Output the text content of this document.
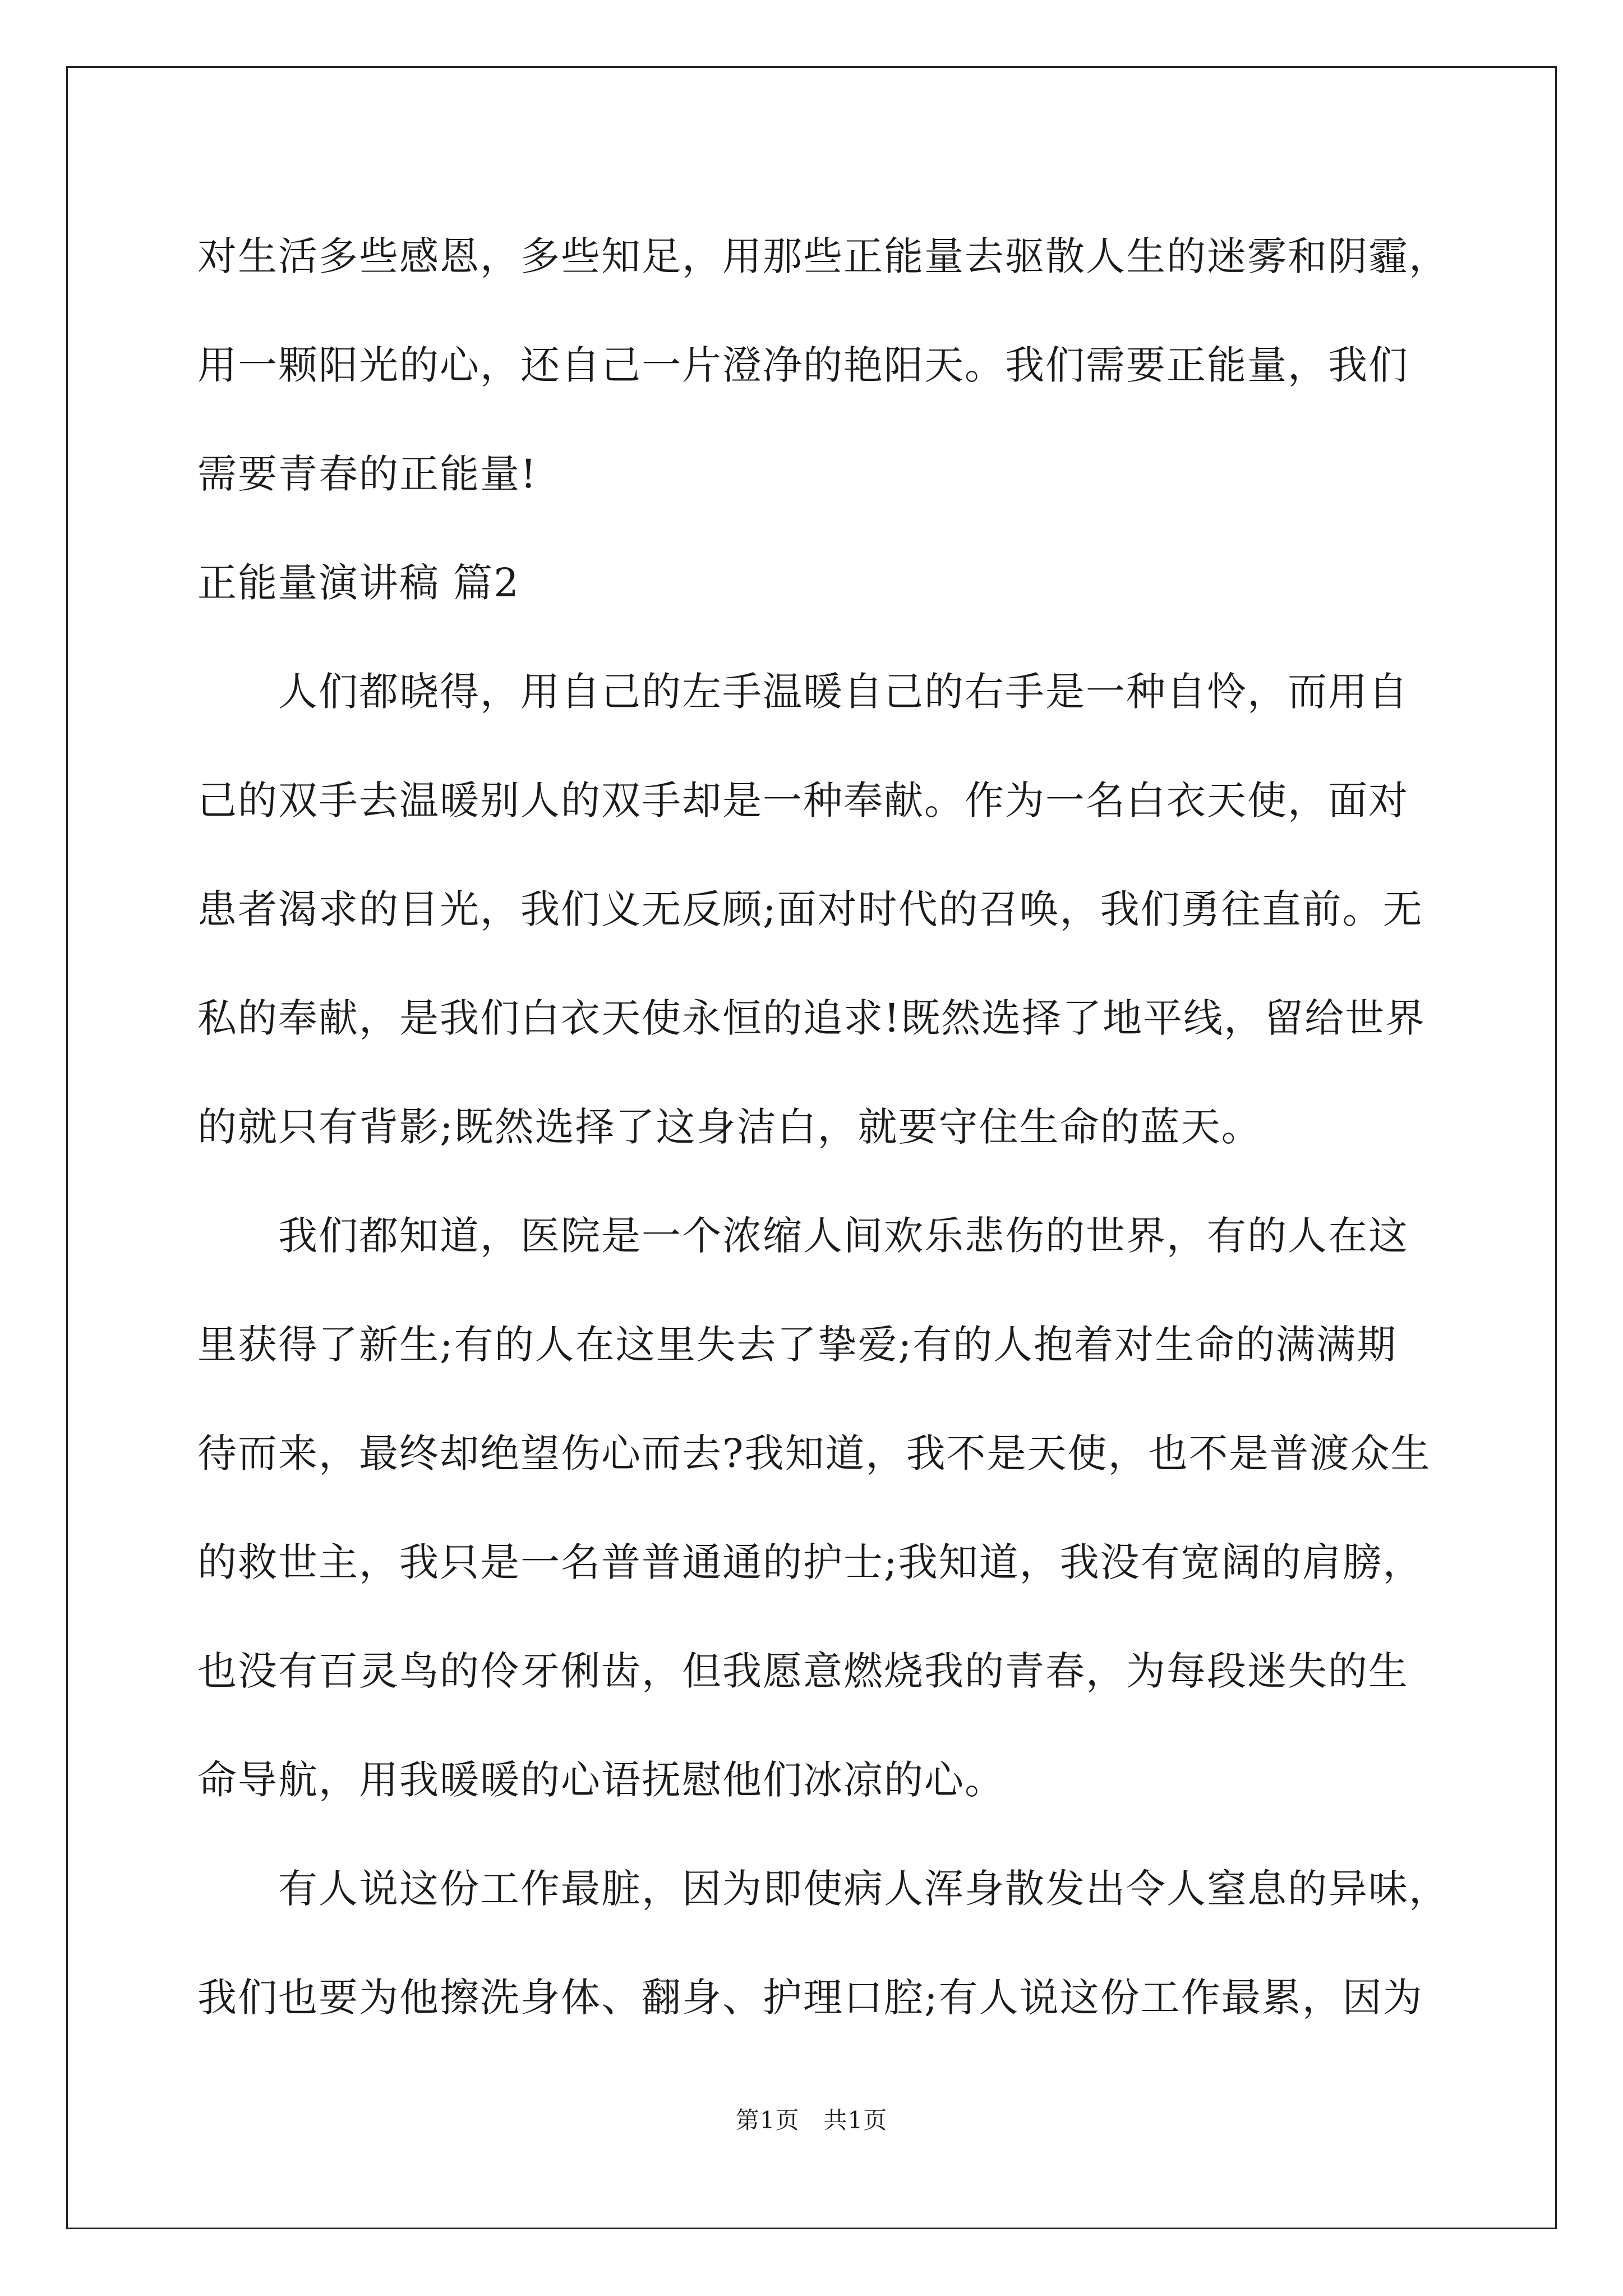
对生活多些感恩，多些知足，用那些正能量去驱散人生的迷雾和阴霾，

用一颗阳光的心，还自己一片澄净的艳阳天。我们需要正能量，我们

需要青春的正能量!

正能量演讲稿 篇2

　　人们都晓得，用自己的左手温暖自己的右手是一种自怜，而用自

己的双手去温暖别人的双手却是一种奉献。作为一名白衣天使，面对

患者渴求的目光，我们义无反顾;面对时代的召唤，我们勇往直前。无

私的奉献，是我们白衣天使永恒的追求!既然选择了地平线，留给世界

的就只有背影;既然选择了这身洁白，就要守住生命的蓝天。

　　我们都知道，医院是一个浓缩人间欢乐悲伤的世界，有的人在这

里获得了新生;有的人在这里失去了挚爱;有的人抱着对生命的满满期

待而来，最终却绝望伤心而去?我知道，我不是天使，也不是普渡众生

的救世主，我只是一名普普通通的护士;我知道，我没有宽阔的肩膀，

也没有百灵鸟的伶牙俐齿，但我愿意燃烧我的青春，为每段迷失的生

命导航，用我暖暖的心语抚慰他们冰凉的心。

　　有人说这份工作最脏，因为即使病人浑身散发出令人窒息的异味，

我们也要为他擦洗身体、翻身、护理口腔;有人说这份工作最累，因为

第1页　共1页
